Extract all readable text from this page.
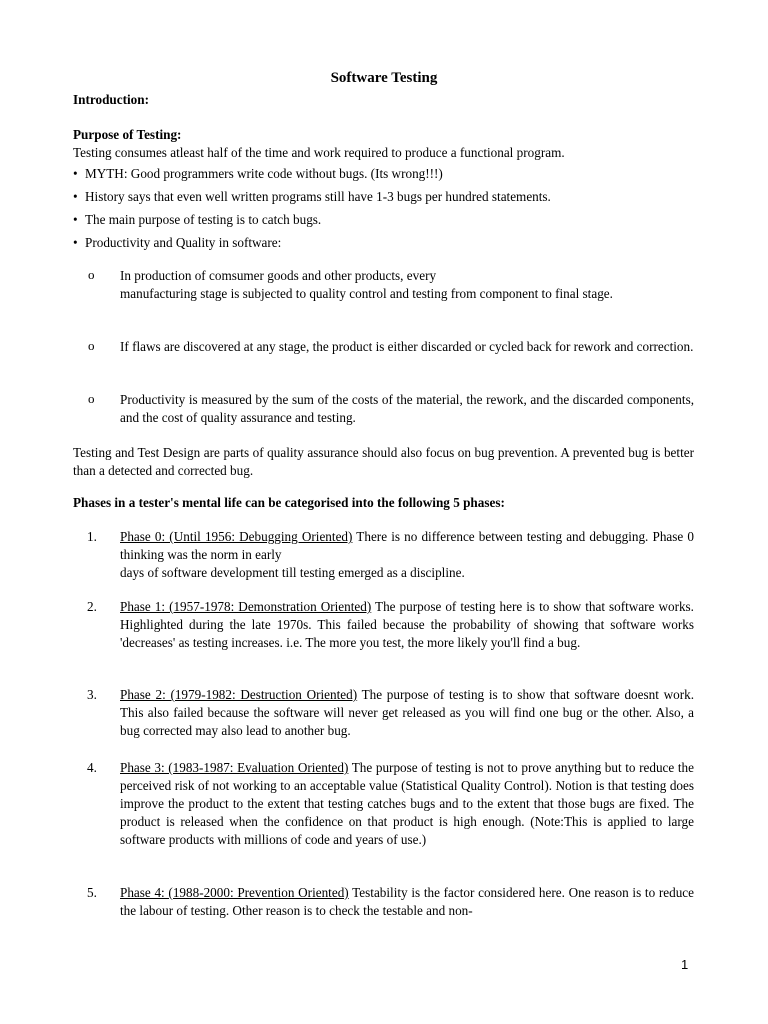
Software Testing
Introduction:
Purpose of Testing:
Testing consumes atleast half of the time and work required to produce a functional program.
• MYTH: Good programmers write code without bugs. (Its wrong!!!)
• History says that even well written programs still have 1-3 bugs per hundred statements.
• The main purpose of testing is to catch bugs.
• Productivity and Quality in software:
o In production of comsumer goods and other products, every
manufacturing stage is subjected to quality control and testing from component to final stage.
o If flaws are discovered at any stage, the product is either discarded or cycled back for rework and correction.
o Productivity is measured by the sum of the costs of the material, the rework, and the discarded components, and the cost of quality assurance and testing.
Testing and Test Design are parts of quality assurance should also focus on bug prevention. A prevented bug is better than a detected and corrected bug.
Phases in a tester's mental life can be categorised into the following 5 phases:
1.	Phase 0: (Until 1956: Debugging Oriented) There is no difference between testing and debugging. Phase 0 thinking was the norm in early
days of software development till testing emerged as a discipline.
2.	Phase 1: (1957-1978: Demonstration Oriented) The purpose of testing here is to show that software works. Highlighted during the late 1970s. This failed because the probability of showing that software works 'decreases' as testing increases. i.e. The more you test, the more likely you'll find a bug.
3.	Phase 2: (1979-1982: Destruction Oriented) The purpose of testing is to show that software doesnt work. This also failed because the software will never get released as you will find one bug or the other. Also, a bug corrected may also lead to another bug.
4.	Phase 3: (1983-1987: Evaluation Oriented) The purpose of testing is not to prove anything but to reduce the perceived risk of not working to an acceptable value (Statistical Quality Control). Notion is that testing does improve the product to the extent that testing catches bugs and to the extent that those bugs are fixed. The product is released when the confidence on that product is high enough. (Note:This is applied to large software products with millions of code and years of use.)
5.	Phase 4: (1988-2000: Prevention Oriented) Testability is the factor considered here. One reason is to reduce the labour of testing. Other reason is to check the testable and non-
1
